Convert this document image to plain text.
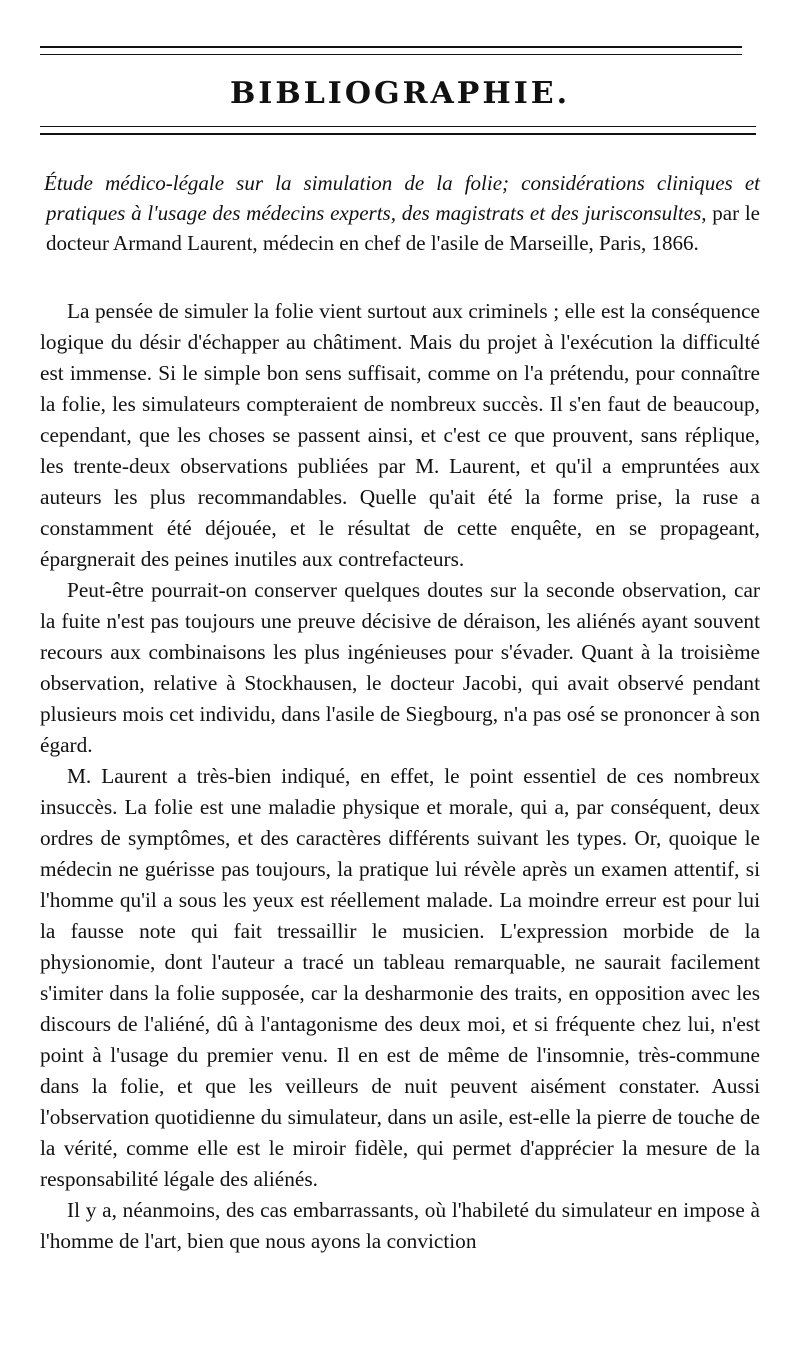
BIBLIOGRAPHIE.

Étude médico-légale sur la simulation de la folie; considérations cliniques et pratiques à l'usage des médecins experts, des magistrats et des jurisconsultes, par le docteur Armand Laurent, médecin en chef de l'asile de Marseille, Paris, 1866.

La pensée de simuler la folie vient surtout aux criminels ; elle est la conséquence logique du désir d'échapper au châtiment. Mais du projet à l'exécution la difficulté est immense. Si le simple bon sens suffisait, comme on l'a prétendu, pour connaître la folie, les simulateurs compteraient de nombreux succès. Il s'en faut de beaucoup, cependant, que les choses se passent ainsi, et c'est ce que prouvent, sans réplique, les trente-deux observations publiées par M. Laurent, et qu'il a empruntées aux auteurs les plus recommandables. Quelle qu'ait été la forme prise, la ruse a constamment été déjouée, et le résultat de cette enquête, en se propageant, épargnerait des peines inutiles aux contrefacteurs.

Peut-être pourrait-on conserver quelques doutes sur la seconde observation, car la fuite n'est pas toujours une preuve décisive de déraison, les aliénés ayant souvent recours aux combinaisons les plus ingénieuses pour s'évader. Quant à la troisième observation, relative à Stockhausen, le docteur Jacobi, qui avait observé pendant plusieurs mois cet individu, dans l'asile de Siegbourg, n'a pas osé se prononcer à son égard.

M. Laurent a très-bien indiqué, en effet, le point essentiel de ces nombreux insuccès. La folie est une maladie physique et morale, qui a, par conséquent, deux ordres de symptômes, et des caractères différents suivant les types. Or, quoique le médecin ne guérisse pas toujours, la pratique lui révèle après un examen attentif, si l'homme qu'il a sous les yeux est réellement malade. La moindre erreur est pour lui la fausse note qui fait tressaillir le musicien. L'expression morbide de la physionomie, dont l'auteur a tracé un tableau remarquable, ne saurait facilement s'imiter dans la folie supposée, car la desharmonie des traits, en opposition avec les discours de l'aliéné, dû à l'antagonisme des deux moi, et si fréquente chez lui, n'est point à l'usage du premier venu. Il en est de même de l'insomnie, très-commune dans la folie, et que les veilleurs de nuit peuvent aisément constater. Aussi l'observation quotidienne du simulateur, dans un asile, est-elle la pierre de touche de la vérité, comme elle est le miroir fidèle, qui permet d'apprécier la mesure de la responsabilité légale des aliénés.

Il y a, néanmoins, des cas embarrassants, où l'habileté du simulateur en impose à l'homme de l'art, bien que nous ayons la conviction
